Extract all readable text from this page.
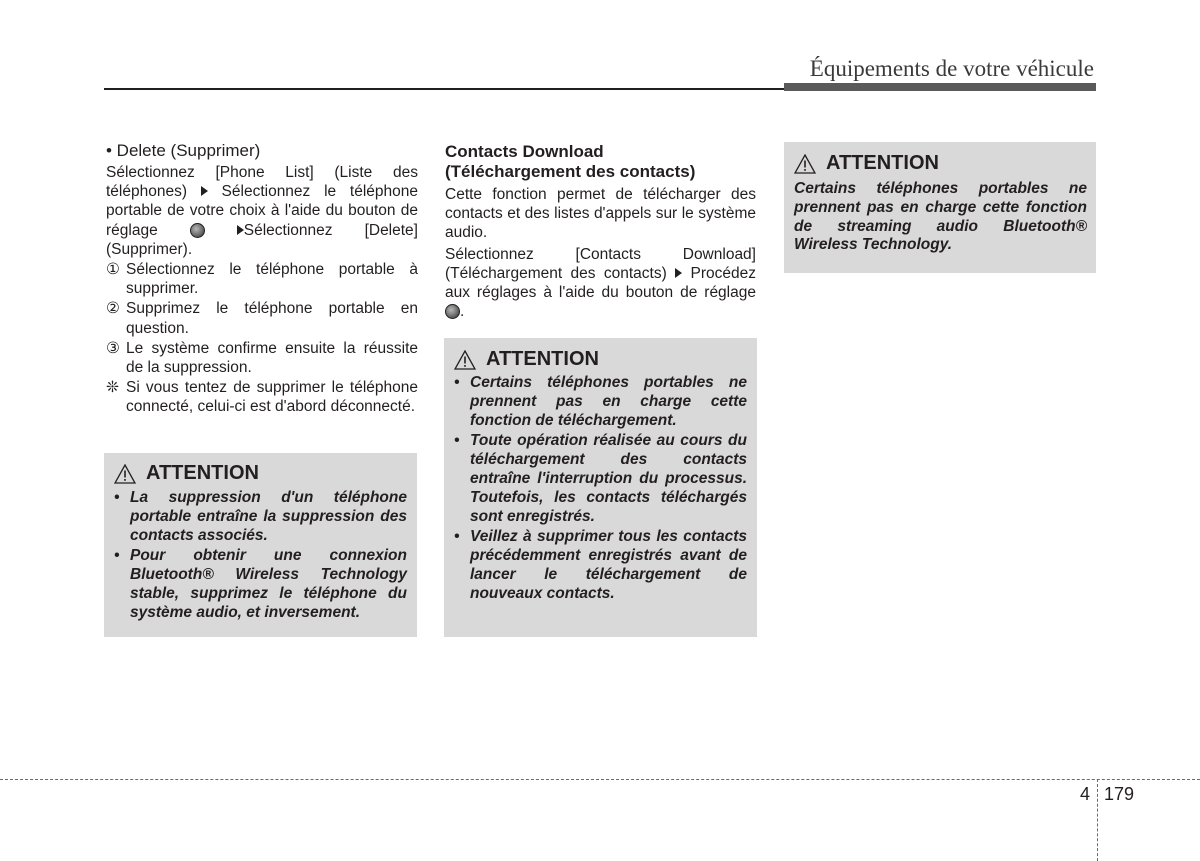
Équipements de votre véhicule

• Delete (Supprimer)

Sélectionnez [Phone List] (Liste des téléphones) Sélectionnez le téléphone portable de votre choix à l'aide du bouton de réglage	Sélectionnez [Delete] (Supprimer).

① Sélectionnez le téléphone portable à supprimer.
② Supprimez le téléphone portable en question.
③ Le système confirme ensuite la réussite de la suppression.
❊ Si vous tentez de supprimer le téléphone connecté, celui-ci est d'abord déconnecté.
ATTENTION
• La suppression d'un téléphone portable entraîne la suppression des contacts associés.
• Pour obtenir une connexion Bluetooth® Wireless Technology stable, supprimez le téléphone du système audio, et inversement.

Contacts Download

(Téléchargement des contacts)

Cette fonction permet de télécharger des contacts et des listes d'appels sur le système audio.

Sélectionnez [Contacts Download] (Téléchargement des contacts) Procédez aux réglages à l'aide du bouton de réglage .

ATTENTION
• Certains téléphones portables ne prennent pas en charge cette fonction de téléchargement.
• Toute opération réalisée au cours du téléchargement des contacts entraîne l'interruption du processus. Toutefois, les contacts téléchargés sont enregistrés.
• Veillez à supprimer tous les contacts précédemment enregistrés avant de lancer le téléchargement de nouveaux contacts.
ATTENTION

Certains téléphones portables ne prennent pas en charge cette fonction de streaming audio Bluetooth® Wireless Technology.

4 179
